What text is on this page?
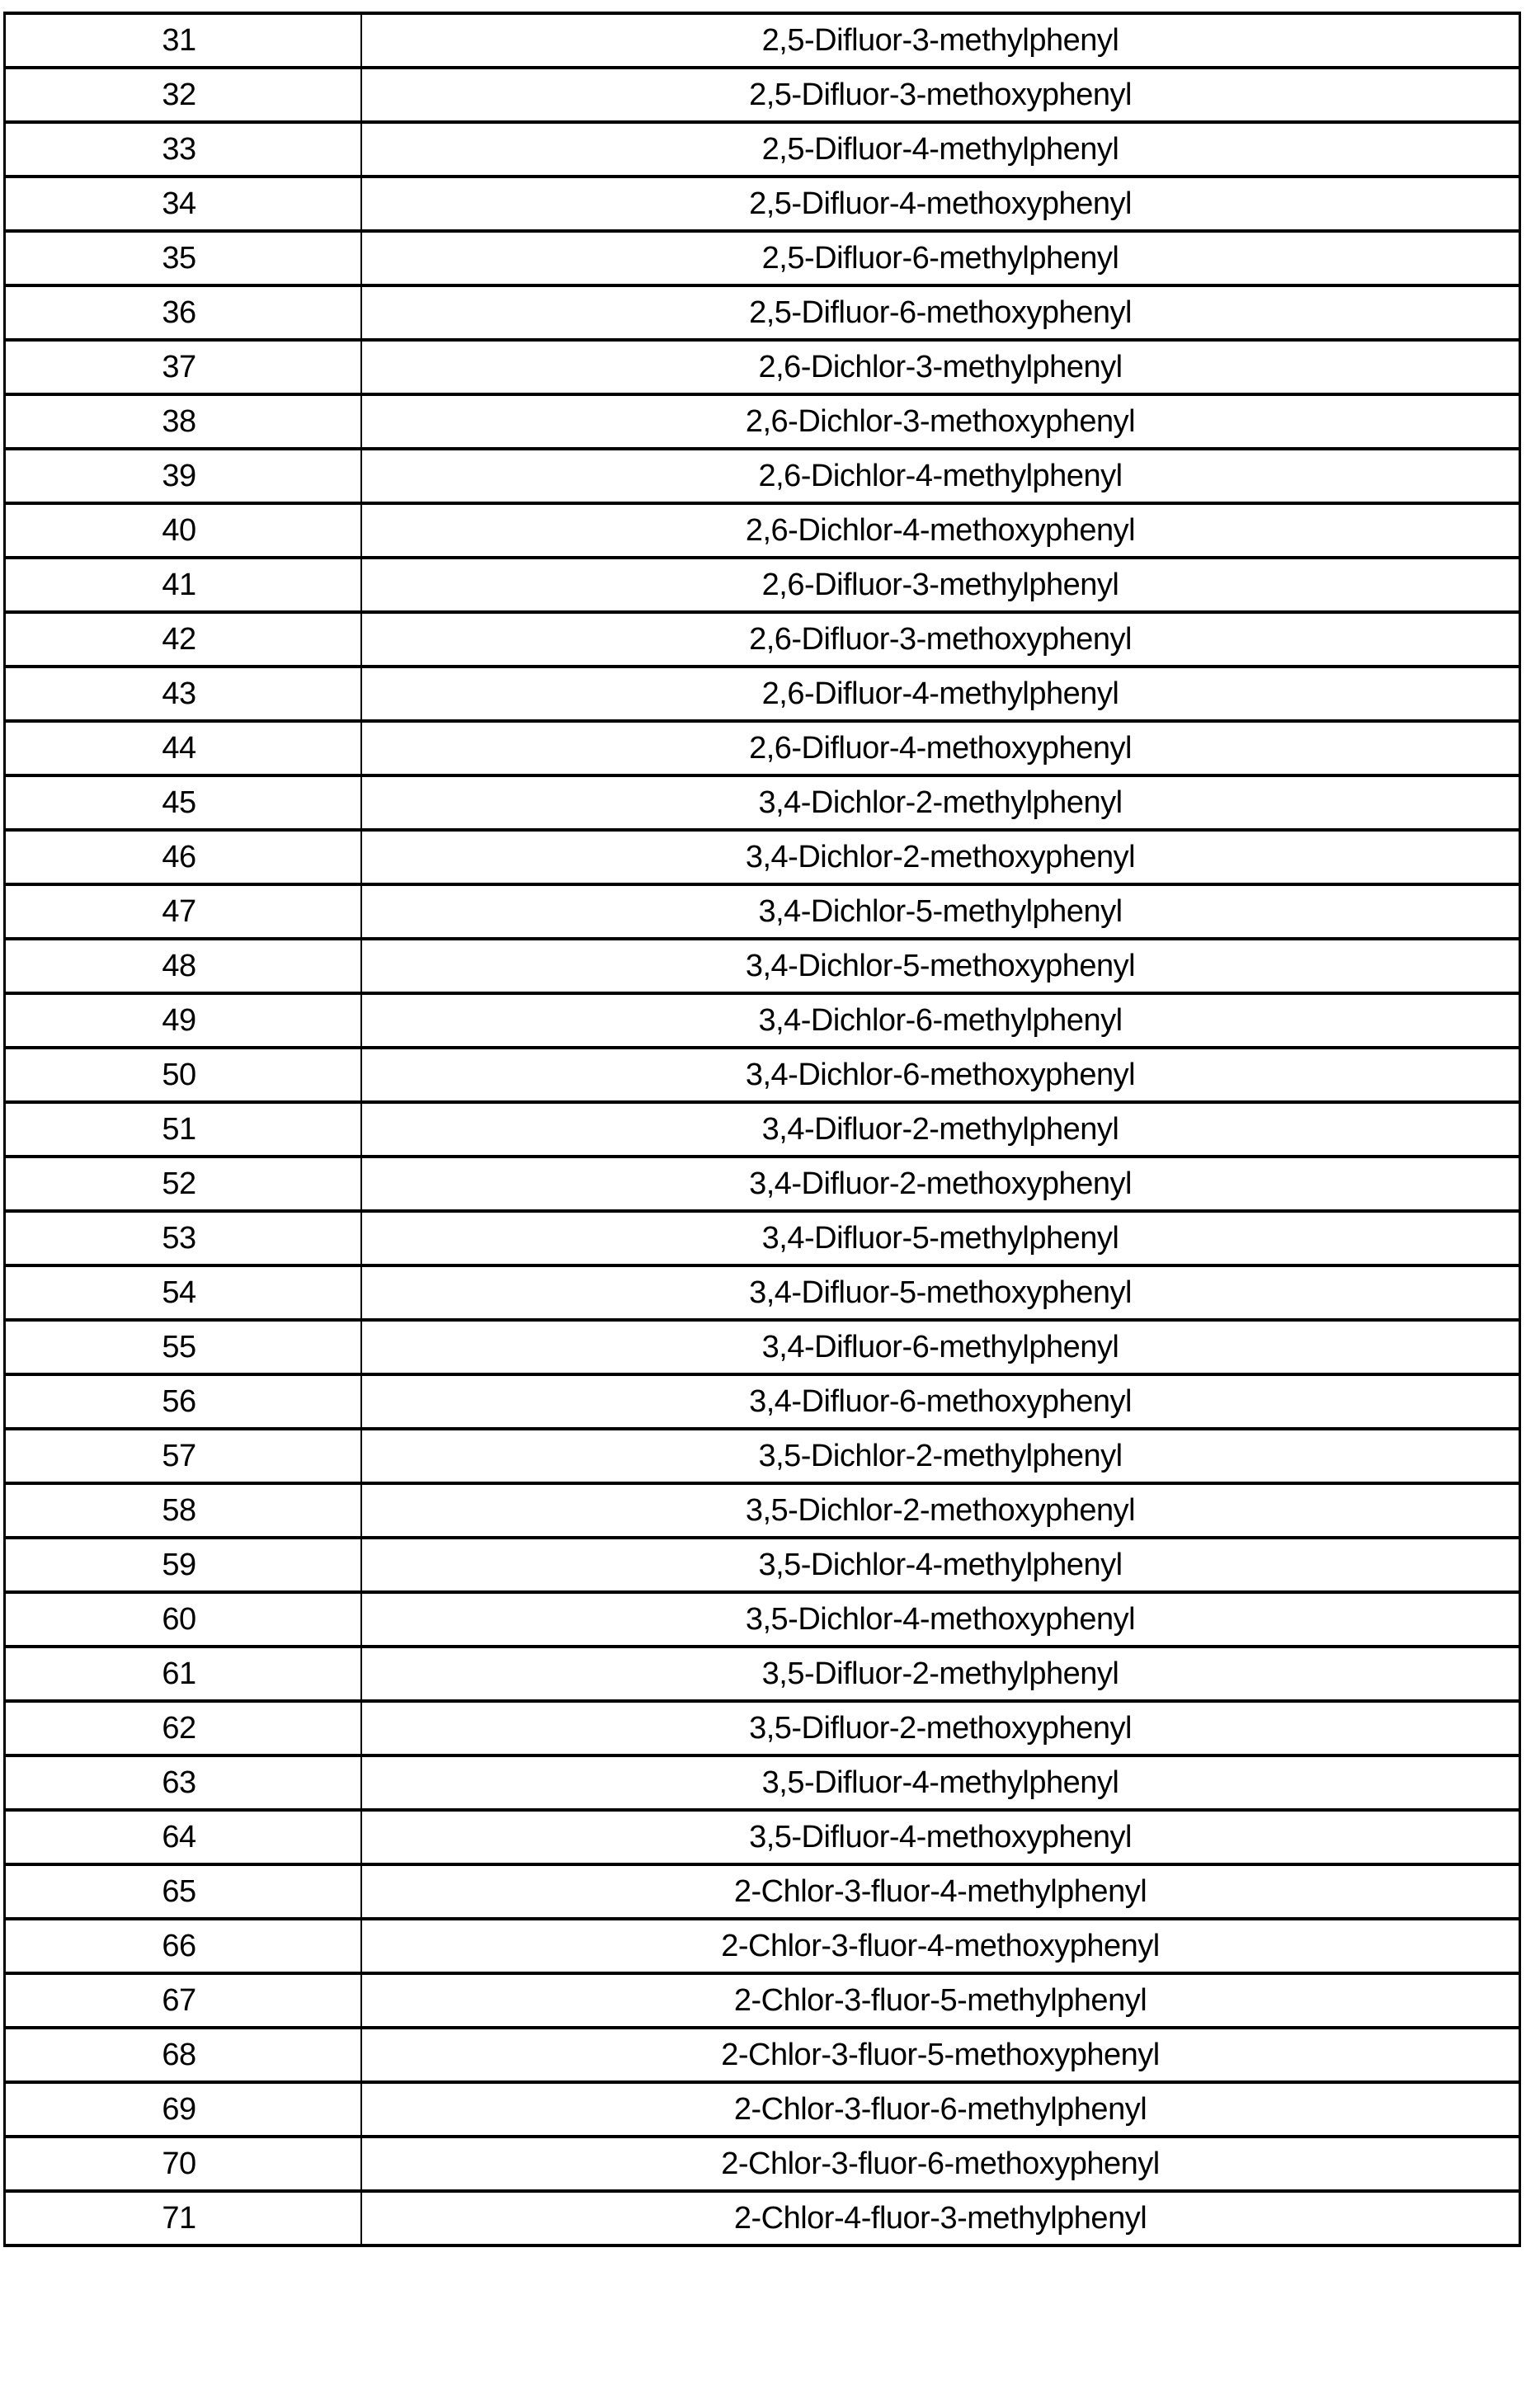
31	2,5-Difluor-3-methylphenyl
32	2,5-Difluor-3-methoxyphenyl
33	2,5-Difluor-4-methylphenyl
34	2,5-Difluor-4-methoxyphenyl
35	2,5-Difluor-6-methylphenyl
36	2,5-Difluor-6-methoxyphenyl
37	2,6-Dichlor-3-methylphenyl
38	2,6-Dichlor-3-methoxyphenyl
39	2,6-Dichlor-4-methylphenyl
40	2,6-Dichlor-4-methoxyphenyl
41	2,6-Difluor-3-methylphenyl
42	2,6-Difluor-3-methoxyphenyl
43	2,6-Difluor-4-methylphenyl
44	2,6-Difluor-4-methoxyphenyl
45	3,4-Dichlor-2-methylphenyl
46	3,4-Dichlor-2-methoxyphenyl
47	3,4-Dichlor-5-methylphenyl
48	3,4-Dichlor-5-methoxyphenyl
49	3,4-Dichlor-6-methylphenyl
50	3,4-Dichlor-6-methoxyphenyl
51	3,4-Difluor-2-methylphenyl
52	3,4-Difluor-2-methoxyphenyl
53	3,4-Difluor-5-methylphenyl
54	3,4-Difluor-5-methoxyphenyl
55	3,4-Difluor-6-methylphenyl
56	3,4-Difluor-6-methoxyphenyl
57	3,5-Dichlor-2-methylphenyl
58	3,5-Dichlor-2-methoxyphenyl
59	3,5-Dichlor-4-methylphenyl
60	3,5-Dichlor-4-methoxyphenyl
61	3,5-Difluor-2-methylphenyl
62	3,5-Difluor-2-methoxyphenyl
63	3,5-Difluor-4-methylphenyl
64	3,5-Difluor-4-methoxyphenyl
65	2-Chlor-3-fluor-4-methylphenyl
66	2-Chlor-3-fluor-4-methoxyphenyl
67	2-Chlor-3-fluor-5-methylphenyl
68	2-Chlor-3-fluor-5-methoxyphenyl
69	2-Chlor-3-fluor-6-methylphenyl
70	2-Chlor-3-fluor-6-methoxyphenyl
71	2-Chlor-4-fluor-3-methylphenyl
